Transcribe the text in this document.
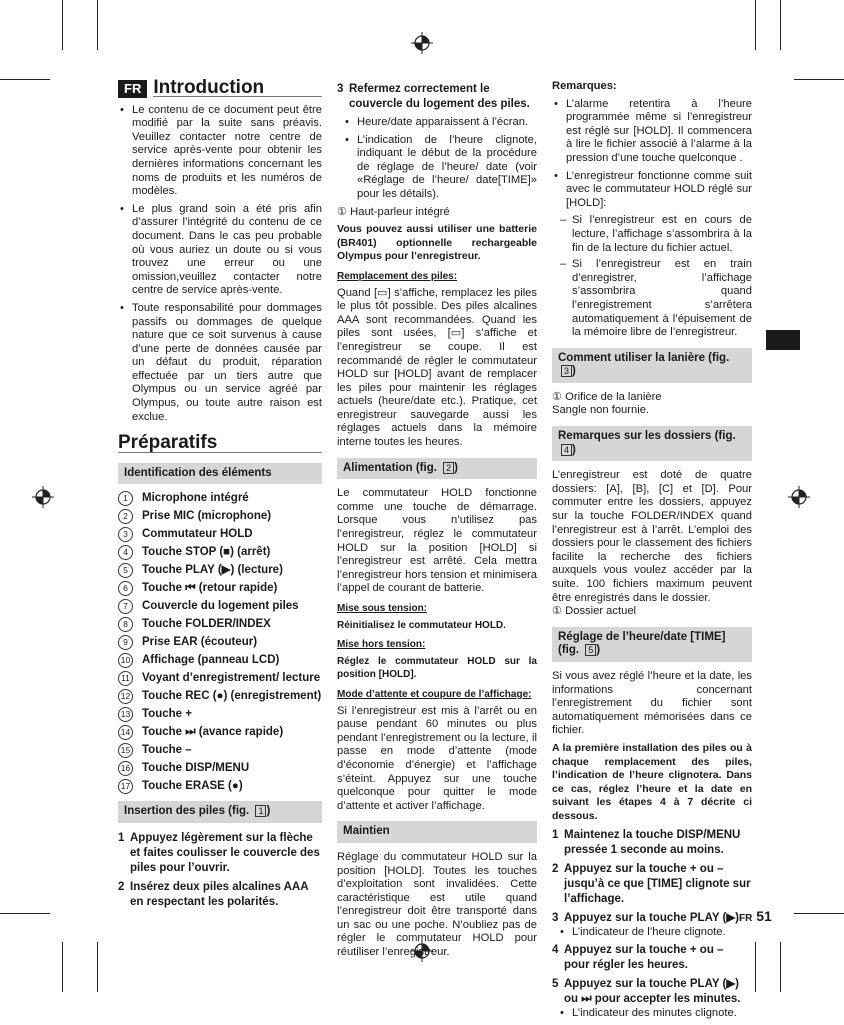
FR Introduction
• Le contenu de ce document peut être modifié par la suite sans préavis. Veuillez contacter notre centre de service après-vente pour obtenir les dernières informations concernant les noms de produits et les numéros de modèles.
• Le plus grand soin a été pris afin d’assurer l’intégrité du contenu de ce document. Dans le cas peu probable où vous auriez un doute ou si vous trouvez une erreur ou une omission,veuillez contacter notre centre de service après-vente.
• Toute responsabilité pour dommages passifs ou dommages de quelque nature que ce soit survenus à cause d’une perte de données causée par un défaut du produit, réparation effectuée par un tiers autre que Olympus ou un service agréé par Olympus, ou toute autre raison est exclue.
Préparatifs
Identification des éléments
1	Microphone intégré
2	Prise MIC (microphone)
3	Commutateur HOLD
4	Touche STOP (■) (arrêt)
5	Touche PLAY (▶) (lecture)
6	Touche ⏮ (retour rapide)
7	Couvercle du logement piles
8	Touche FOLDER/INDEX
9	Prise EAR (écouteur)
10 Affichage (panneau LCD)
11 Voyant d’enregistrement/ lecture
12 Touche REC (●) (enregistrement)
13 Touche +
14 Touche ⏭ (avance rapide)
15 Touche –
16 Touche DISP/MENU
17 Touche ERASE (●)
Insertion des piles (fig. 1 )
1 Appuyez légèrement sur la flèche et faites coulisser le couvercle des piles pour l’ouvrir.
2 Insérez deux piles alcalines AAA en respectant les polarités.
3 Refermez correctement le couvercle du logement des piles.
• Heure/date apparaissent à l’écran.
• L’indication de l’heure clignote, indiquant le début de la procédure de réglage de l’heure/ date (voir «Réglage de l’heure/ date[TIME]» pour les détails).
① Haut-parleur intégré
Vous pouvez aussi utiliser une batterie (BR401) optionnelle rechargeable Olympus pour l’enregistreur.
Remplacement des piles:
Quand [▭] s’affiche, remplacez les piles le plus tôt possible. Des piles alcalines AAA sont recommandées. Quand les piles sont usées, [▭] s’affiche et l’enregistreur se coupe. Il est recommandé de régler le commutateur HOLD sur [HOLD] avant de remplacer les piles pour maintenir les réglages actuels (heure/date etc.). Pratique, cet enregistreur sauvegarde aussi les réglages actuels dans la mémoire interne toutes les heures.
Alimentation (fig. 2 )
Le commutateur HOLD fonctionne comme une touche de démarrage. Lorsque vous n’utilisez pas l’enregistreur, réglez le commutateur HOLD sur la position [HOLD] si l’enregistreur est arrêté. Cela mettra l’enregistreur hors tension et minimisera l’appel de courant de batterie.
Mise sous tension:
Réinitialisez le commutateur HOLD.
Mise hors tension:
Réglez le commutateur HOLD sur la position [HOLD].
Mode d’attente et coupure de l’affichage:
Si l’enregistreur est mis à l’arrêt ou en pause pendant 60 minutes ou plus pendant l’enregistrement ou la lecture, il passe en mode d’attente (mode d’économie d’énergie) et l’affichage s’éteint. Appuyez sur une touche quelconque pour quitter le mode d’attente et activer l’affichage.
Maintien
Réglage du commutateur HOLD sur la position [HOLD]. Toutes les touches d’exploitation sont invalidées. Cette caractéristique est utile quand l’enregistreur doit être transporté dans un sac ou une poche. N’oubliez pas de régler le commutateur HOLD pour réutiliser l’enregistreur.
Remarques:
• L’alarme retentira à l’heure programmée même si l’enregistreur est réglé sur [HOLD]. Il commencera à lire le fichier associé à l’alarme à la pression d’une touche quelconque .
• L’enregistreur fonctionne comme suit avec le commutateur HOLD réglé sur [HOLD]:
– Si l’enregistreur est en cours de lecture, l’affichage s’assombrira à la fin de la lecture du fichier actuel.
– Si l’enregistreur est en train d’enregistrer, l’affichage s’assombrira quand l’enregistrement s’arrêtera automatiquement à l’épuisement de la mémoire libre de l’enregistreur.
Comment utiliser la lanière (fig. 3 )
① Orifice de la lanière
Sangle non fournie.
Remarques sur les dossiers (fig. 4 )
L’enregistreur est doté de quatre dossiers: [A], [B], [C] et [D]. Pour commuter entre les dossiers, appuyez sur la touche FOLDER/INDEX quand l’enregistreur est à l’arrêt. L’emploi des dossiers pour le classement des fichiers facilite la recherche des fichiers auxquels vous voulez accéder par la suite. 100 fichiers maximum peuvent être enregistrés dans le dossier.
① Dossier actuel
Réglage de l’heure/date [TIME] (fig. 5 )
Si vous avez réglé l’heure et la date, les informations concernant l’enregistrement du fichier sont automatiquement mémorisées dans ce fichier.
A la première installation des piles ou à chaque remplacement des piles, l’indication de l’heure clignotera. Dans ce cas, réglez l’heure et la date en suivant les étapes 4 à 7 décrite ci dessous.
1 Maintenez la touche DISP/MENU pressée 1 seconde au moins.
2 Appuyez sur la touche + ou – jusqu’à ce que [TIME] clignote sur l’affichage.
3 Appuyez sur la touche PLAY (▶).
• L’indicateur de l’heure clignote.
4 Appuyez sur la touche + ou – pour régler les heures.
5 Appuyez sur la touche PLAY (▶) ou ⏭ pour accepter les minutes.
• L’indicateur des minutes clignote.
FR 51
